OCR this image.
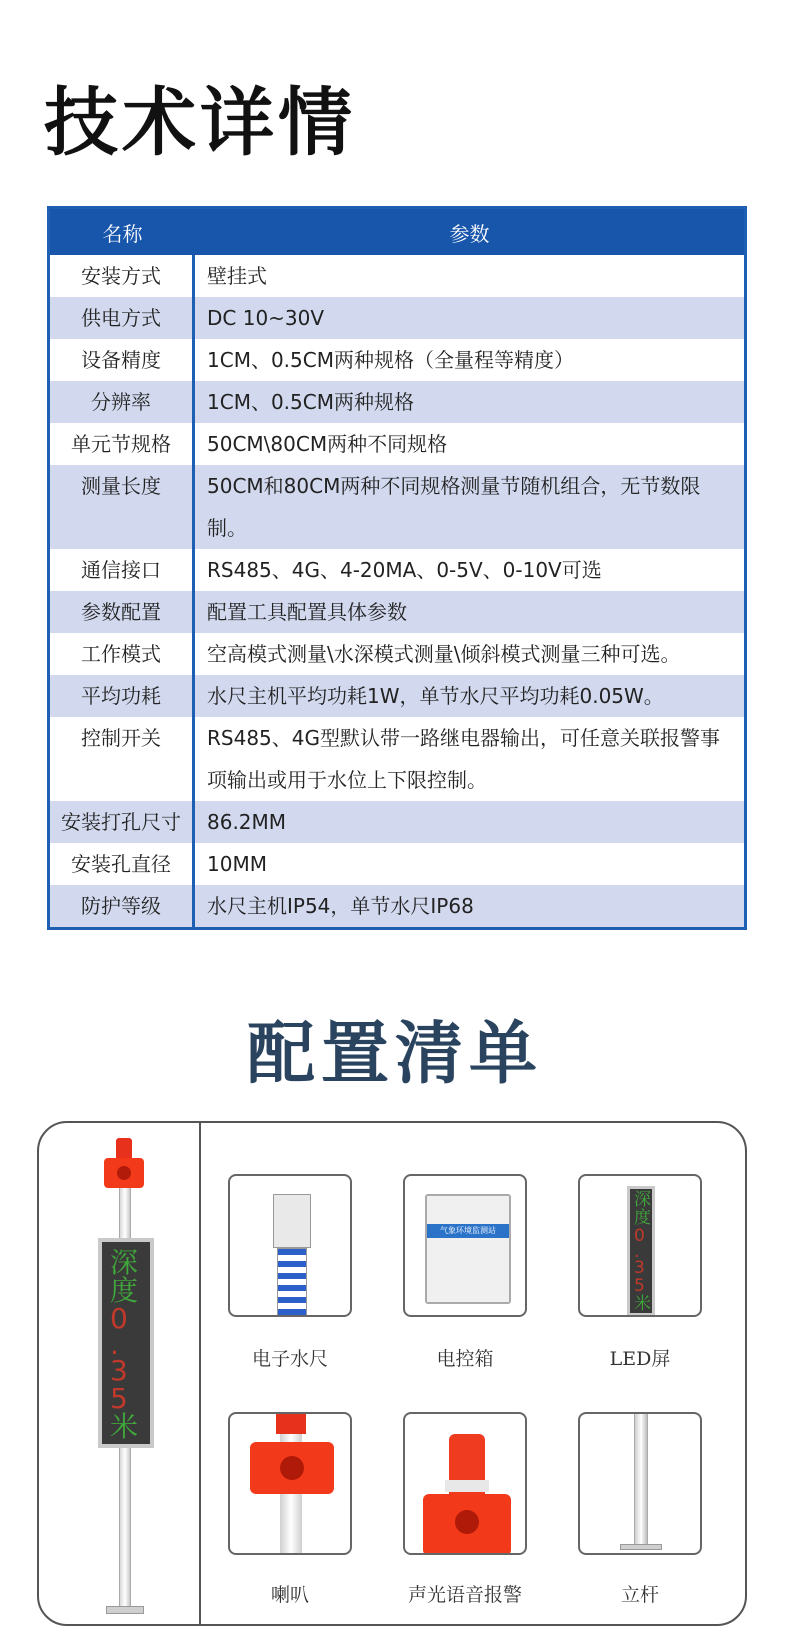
技术详情
名称	参数
安装方式	壁挂式
供电方式	DC 10~30V
设备精度	1CM、0.5CM两种规格（全量程等精度）
分辨率	1CM、0.5CM两种规格
单元节规格	50CM\80CM两种不同规格
测量长度	50CM和80CM两种不同规格测量节随机组合，无节数限制。
通信接口	RS485、4G、4-20MA、0-5V、0-10V可选
参数配置	配置工具配置具体参数
工作模式	空高模式测量\水深模式测量\倾斜模式测量三种可选。
平均功耗	水尺主机平均功耗1W，单节水尺平均功耗0.05W。
控制开关	RS485、4G型默认带一路继电器输出，可任意关联报警事项输出或用于水位上下限控制。
安装打孔尺寸	86.2MM
安装孔直径	10MM
防护等级	水尺主机IP54，单节水尺IP68
配置清单
深
度
0
.
3
5
米
电子水尺
气象环境监测站
电控箱
深
度
0
.
3
5
米
LED屏
喇叭	声光语音报警	立杆
